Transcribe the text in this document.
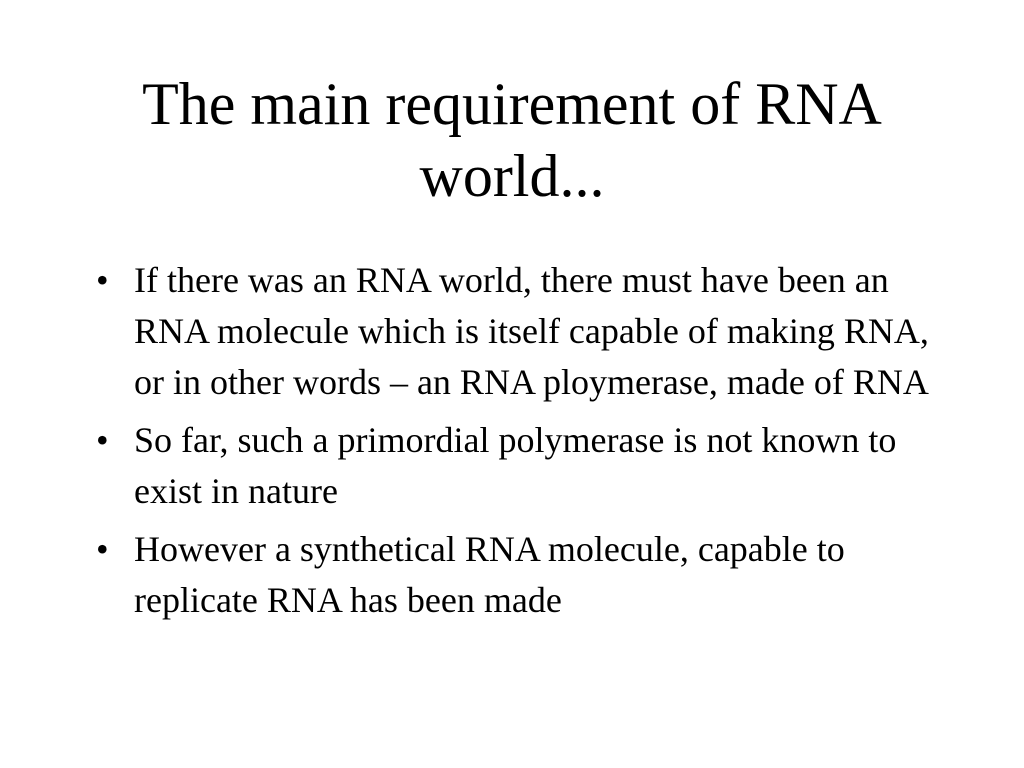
The main requirement of RNA world...
• If there was an RNA world, there must have been an RNA molecule which is itself capable of making RNA, or in other words – an RNA ploymerase, made of RNA
• So far, such a primordial polymerase is not known to exist in nature
• However a synthetical RNA molecule, capable to replicate RNA has been made
